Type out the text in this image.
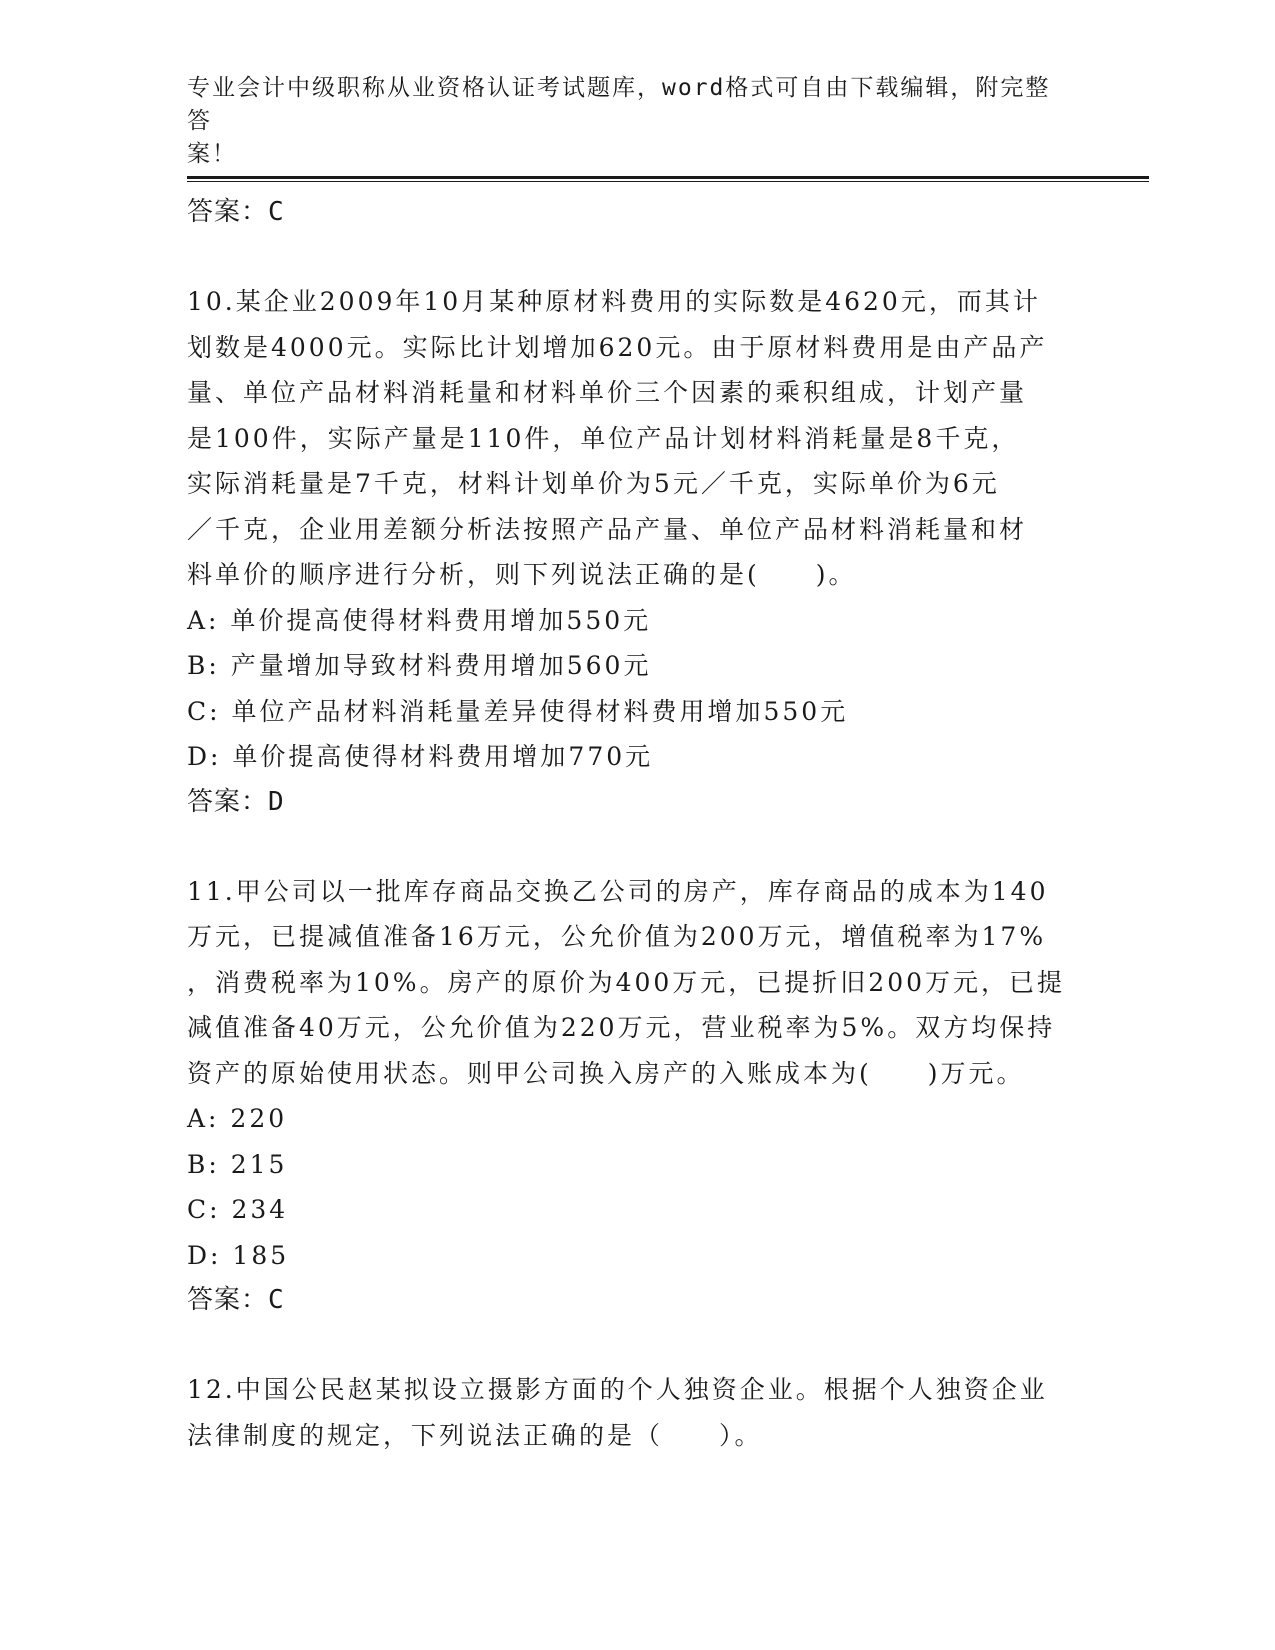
专业会计中级职称从业资格认证考试题库，word格式可自由下载编辑，附完整答
案！

答案：C

10.某企业2009年10月某种原材料费用的实际数是4620元，而其计

划数是4000元。实际比计划增加620元。由于原材料费用是由产品产

量、单位产品材料消耗量和材料单价三个因素的乘积组成，计划产量

是100件，实际产量是110件，单位产品计划材料消耗量是8千克，

实际消耗量是7千克，材料计划单价为5元／千克，实际单价为6元

／千克，企业用差额分析法按照产品产量、单位产品材料消耗量和材

料单价的顺序进行分析，则下列说法正确的是(　　)。

A: 单价提高使得材料费用增加550元

B: 产量增加导致材料费用增加560元

C: 单位产品材料消耗量差异使得材料费用增加550元

D: 单价提高使得材料费用增加770元

答案：D

11.甲公司以一批库存商品交换乙公司的房产，库存商品的成本为140

万元，已提减值准备16万元，公允价值为200万元，增值税率为17%

，消费税率为10%。房产的原价为400万元，已提折旧200万元，已提

减值准备40万元，公允价值为220万元，营业税率为5%。双方均保持

资产的原始使用状态。则甲公司换入房产的入账成本为(　　)万元。

A: 220

B: 215

C: 234

D: 185

答案：C

12.中国公民赵某拟设立摄影方面的个人独资企业。根据个人独资企业

法律制度的规定，下列说法正确的是（　　）。
